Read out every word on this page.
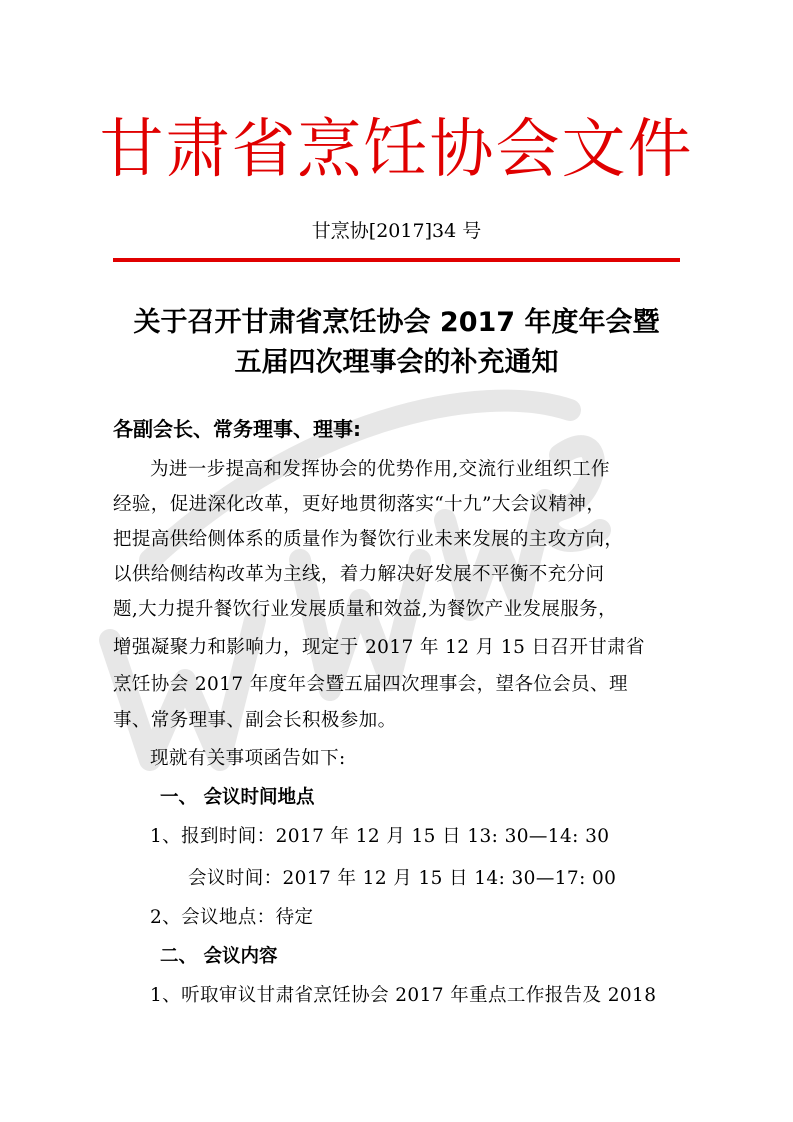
甘肃省烹饪协会文件
甘烹协[2017]34 号
关于召开甘肃省烹饪协会 2017 年度年会暨
五届四次理事会的补充通知
各副会长、常务理事、理事:
为进一步提高和发挥协会的优势作用,交流行业组织工作
经验，促进深化改革，更好地贯彻落实“十九”大会议精神，
把提高供给侧体系的质量作为餐饮行业未来发展的主攻方向，
以供给侧结构改革为主线，着力解决好发展不平衡不充分问
题,大力提升餐饮行业发展质量和效益,为餐饮产业发展服务，
增强凝聚力和影响力，现定于 2017 年 12 月 15 日召开甘肃省
烹饪协会 2017 年度年会暨五届四次理事会，望各位会员、理
事、常务理事、副会长积极参加。
现就有关事项函告如下:
一、 会议时间地点
1、报到时间：2017 年 12 月 15 日 13: 30—14: 30
会议时间：2017 年 12 月 15 日 14: 30—17: 00
2、会议地点：待定
二、 会议内容
1、听取审议甘肃省烹饪协会 2017 年重点工作报告及 2018
